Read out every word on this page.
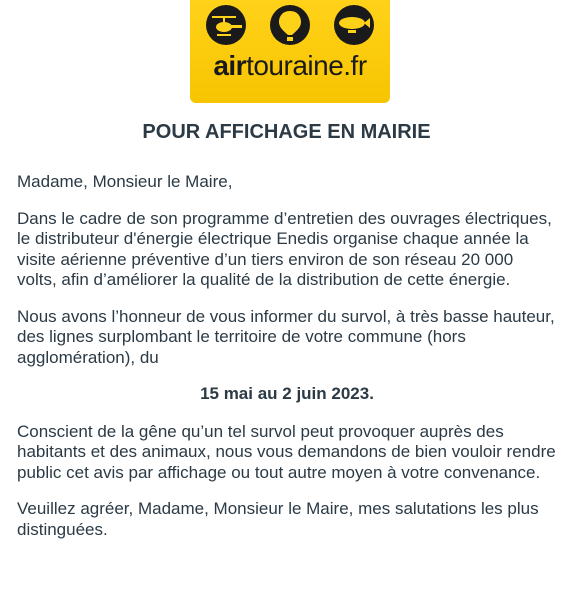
airtouraine.fr
POUR AFFICHAGE EN MAIRIE

Madame, Monsieur le Maire,

Dans le cadre de son programme d’entretien des ouvrages électriques, le distributeur d'énergie électrique Enedis organise chaque année la visite aérienne préventive d’un tiers environ de son réseau 20 000 volts, afin d’améliorer la qualité de la distribution de cette énergie.

Nous avons l’honneur de vous informer du survol, à très basse hauteur, des lignes surplombant le territoire de votre commune (hors agglomération), du

15 mai au 2 juin 2023.

Conscient de la gêne qu’un tel survol peut provoquer auprès des habitants et des animaux, nous vous demandons de bien vouloir rendre public cet avis par affichage ou tout autre moyen à votre convenance.

Veuillez agréer, Madame, Monsieur le Maire, mes salutations les plus distinguées.
